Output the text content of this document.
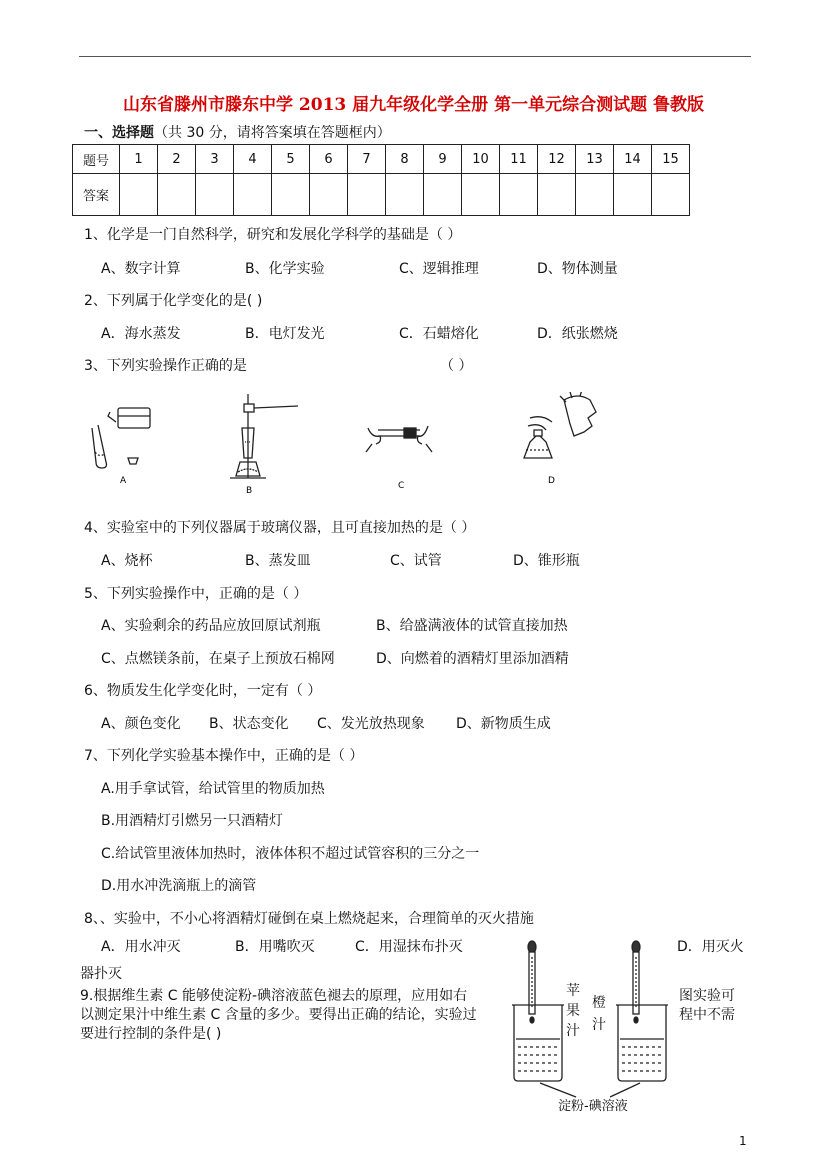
山东省滕州市滕东中学 2013 届九年级化学全册 第一单元综合测试题 鲁教版
一、选择题（共 30 分，请将答案填在答题框内）
题号	1	2	3	4	5	6	7	8	9	10	11	12	13	14	15
答案															
1、化学是一门自然科学，研究和发展化学科学的基础是（ ）
A、数字计算	B、化学实验	C、逻辑推理	D、物体测量
2、下列属于化学变化的是( )
A．海水蒸发	B．电灯发光	C．石蜡熔化	D．纸张燃烧
3、下列实验操作正确的是	（ ）
A
B	C	D
4、实验室中的下列仪器属于玻璃仪器，且可直接加热的是（ ）
A、烧杯	B、蒸发皿	C、试管	D、锥形瓶
5、下列实验操作中，正确的是（ ）
A、实验剩余的药品应放回原试剂瓶	B、给盛满液体的试管直接加热
C、点燃镁条前，在桌子上预放石棉网	D、向燃着的酒精灯里添加酒精
6、物质发生化学变化时，一定有（ ）
A、颜色变化 B、状态变化 C、发光放热现象 D、新物质生成
7、下列化学实验基本操作中，正确的是（ ）
A.用手拿试管，给试管里的物质加热
B.用酒精灯引燃另一只酒精灯
C.给试管里液体加热时，液体体积不超过试管容积的三分之一
D.用水冲洗滴瓶上的滴管
8、、实验中，不小心将酒精灯碰倒在桌上燃烧起来，合理简单的灭火措施
A．用水冲灭	B．用嘴吹灭	C．用湿抹布扑灭	D．用灭火
器扑灭
9.根据维生素 C 能够使淀粉-碘溶液蓝色褪去的原理，应用如右
以测定果汁中维生素 C 含量的多少。要得出正确的结论，实验过
要进行控制的条件是( )
图实验可
程中不需
苹果汁
橙汁
淀粉-碘溶液
1
